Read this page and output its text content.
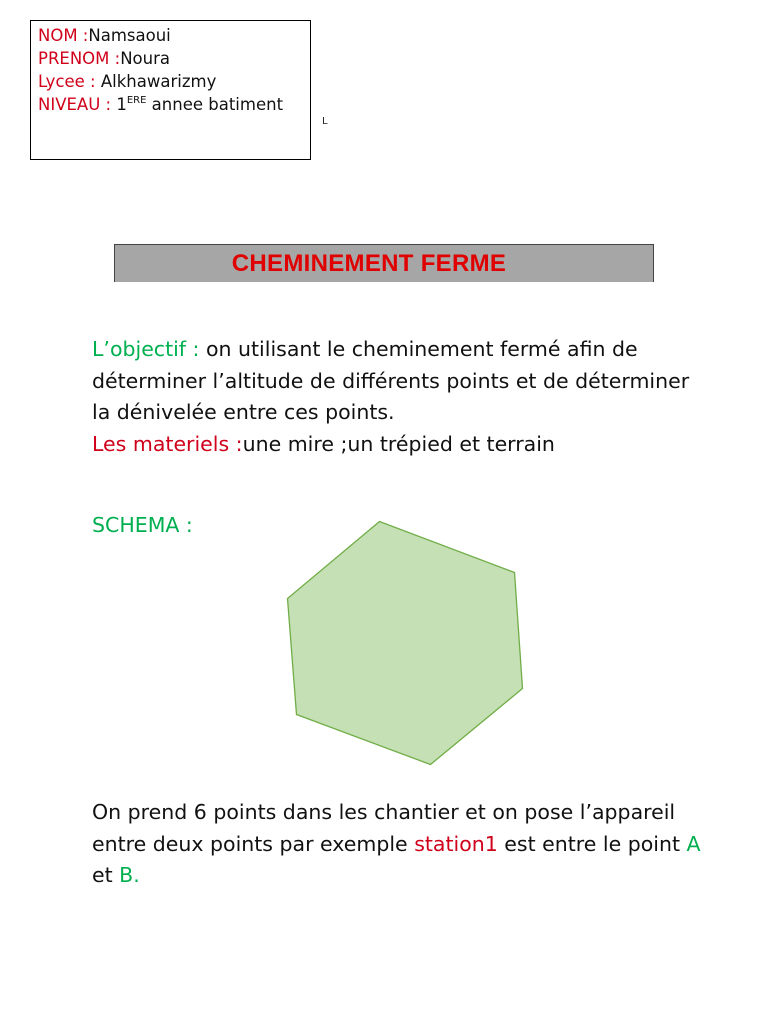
NOM :Namsaoui
PRENOM :Noura
Lycee : Alkhawarizmy
NIVEAU : 1ERE annee batiment
L
CHEMINEMENT FERME
L’objectif : on utilisant le cheminement fermé afin de déterminer l’altitude de différents points et de déterminer la dénivelée entre ces points.
Les materiels :une mire ;un trépied et terrain
SCHEMA :
On prend 6 points dans les chantier et on pose l’appareil entre deux points par exemple station1 est entre le point A et B.
